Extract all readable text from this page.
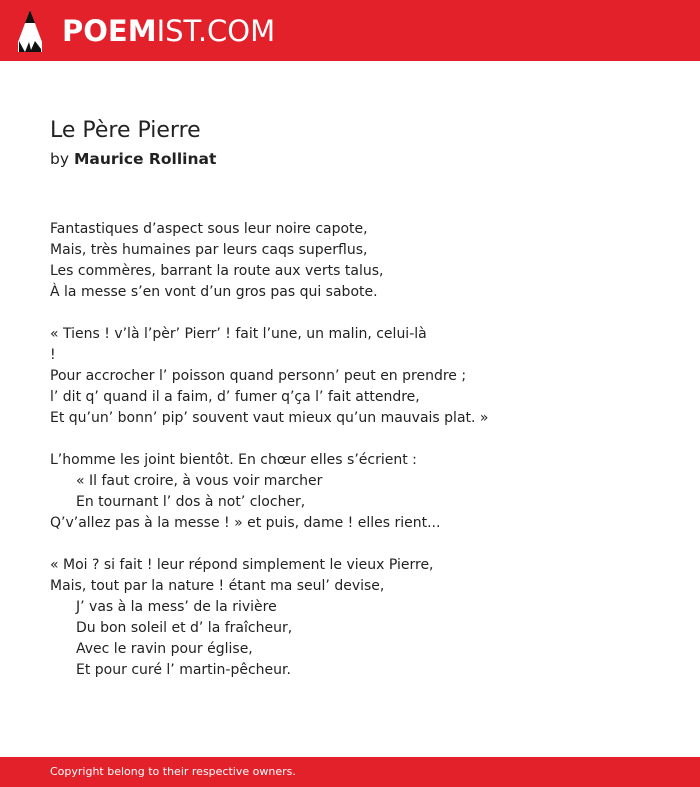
POEMIST.COM
Le Père Pierre
by Maurice Rollinat
Fantastiques d’aspect sous leur noire capote,
Mais, très humaines par leurs caqs superflus,
Les commères, barrant la route aux verts talus,
À la messe s’en vont d’un gros pas qui sabote.
« Tiens ! v’là l’pèr’ Pierr’ ! fait l’une, un malin, celui-là
!
Pour accrocher l’ poisson quand personn’ peut en prendre ;
l’ dit q’ quand il a faim, d’ fumer q’ça l’ fait attendre,
Et qu’un’ bonn’ pip’ souvent vaut mieux qu’un mauvais plat. »
L’homme les joint bientôt. En chœur elles s’écrient :
« Il faut croire, à vous voir marcher
En tournant l’ dos à not’ clocher,
Q’v’allez pas à la messe ! » et puis, dame ! elles rient...
« Moi ? si fait ! leur répond simplement le vieux Pierre,
Mais, tout par la nature ! étant ma seul’ devise,
J’ vas à la mess’ de la rivière
Du bon soleil et d’ la fraîcheur,
Avec le ravin pour église,
Et pour curé l’ martin-pêcheur.
Copyright belong to their respective owners.
